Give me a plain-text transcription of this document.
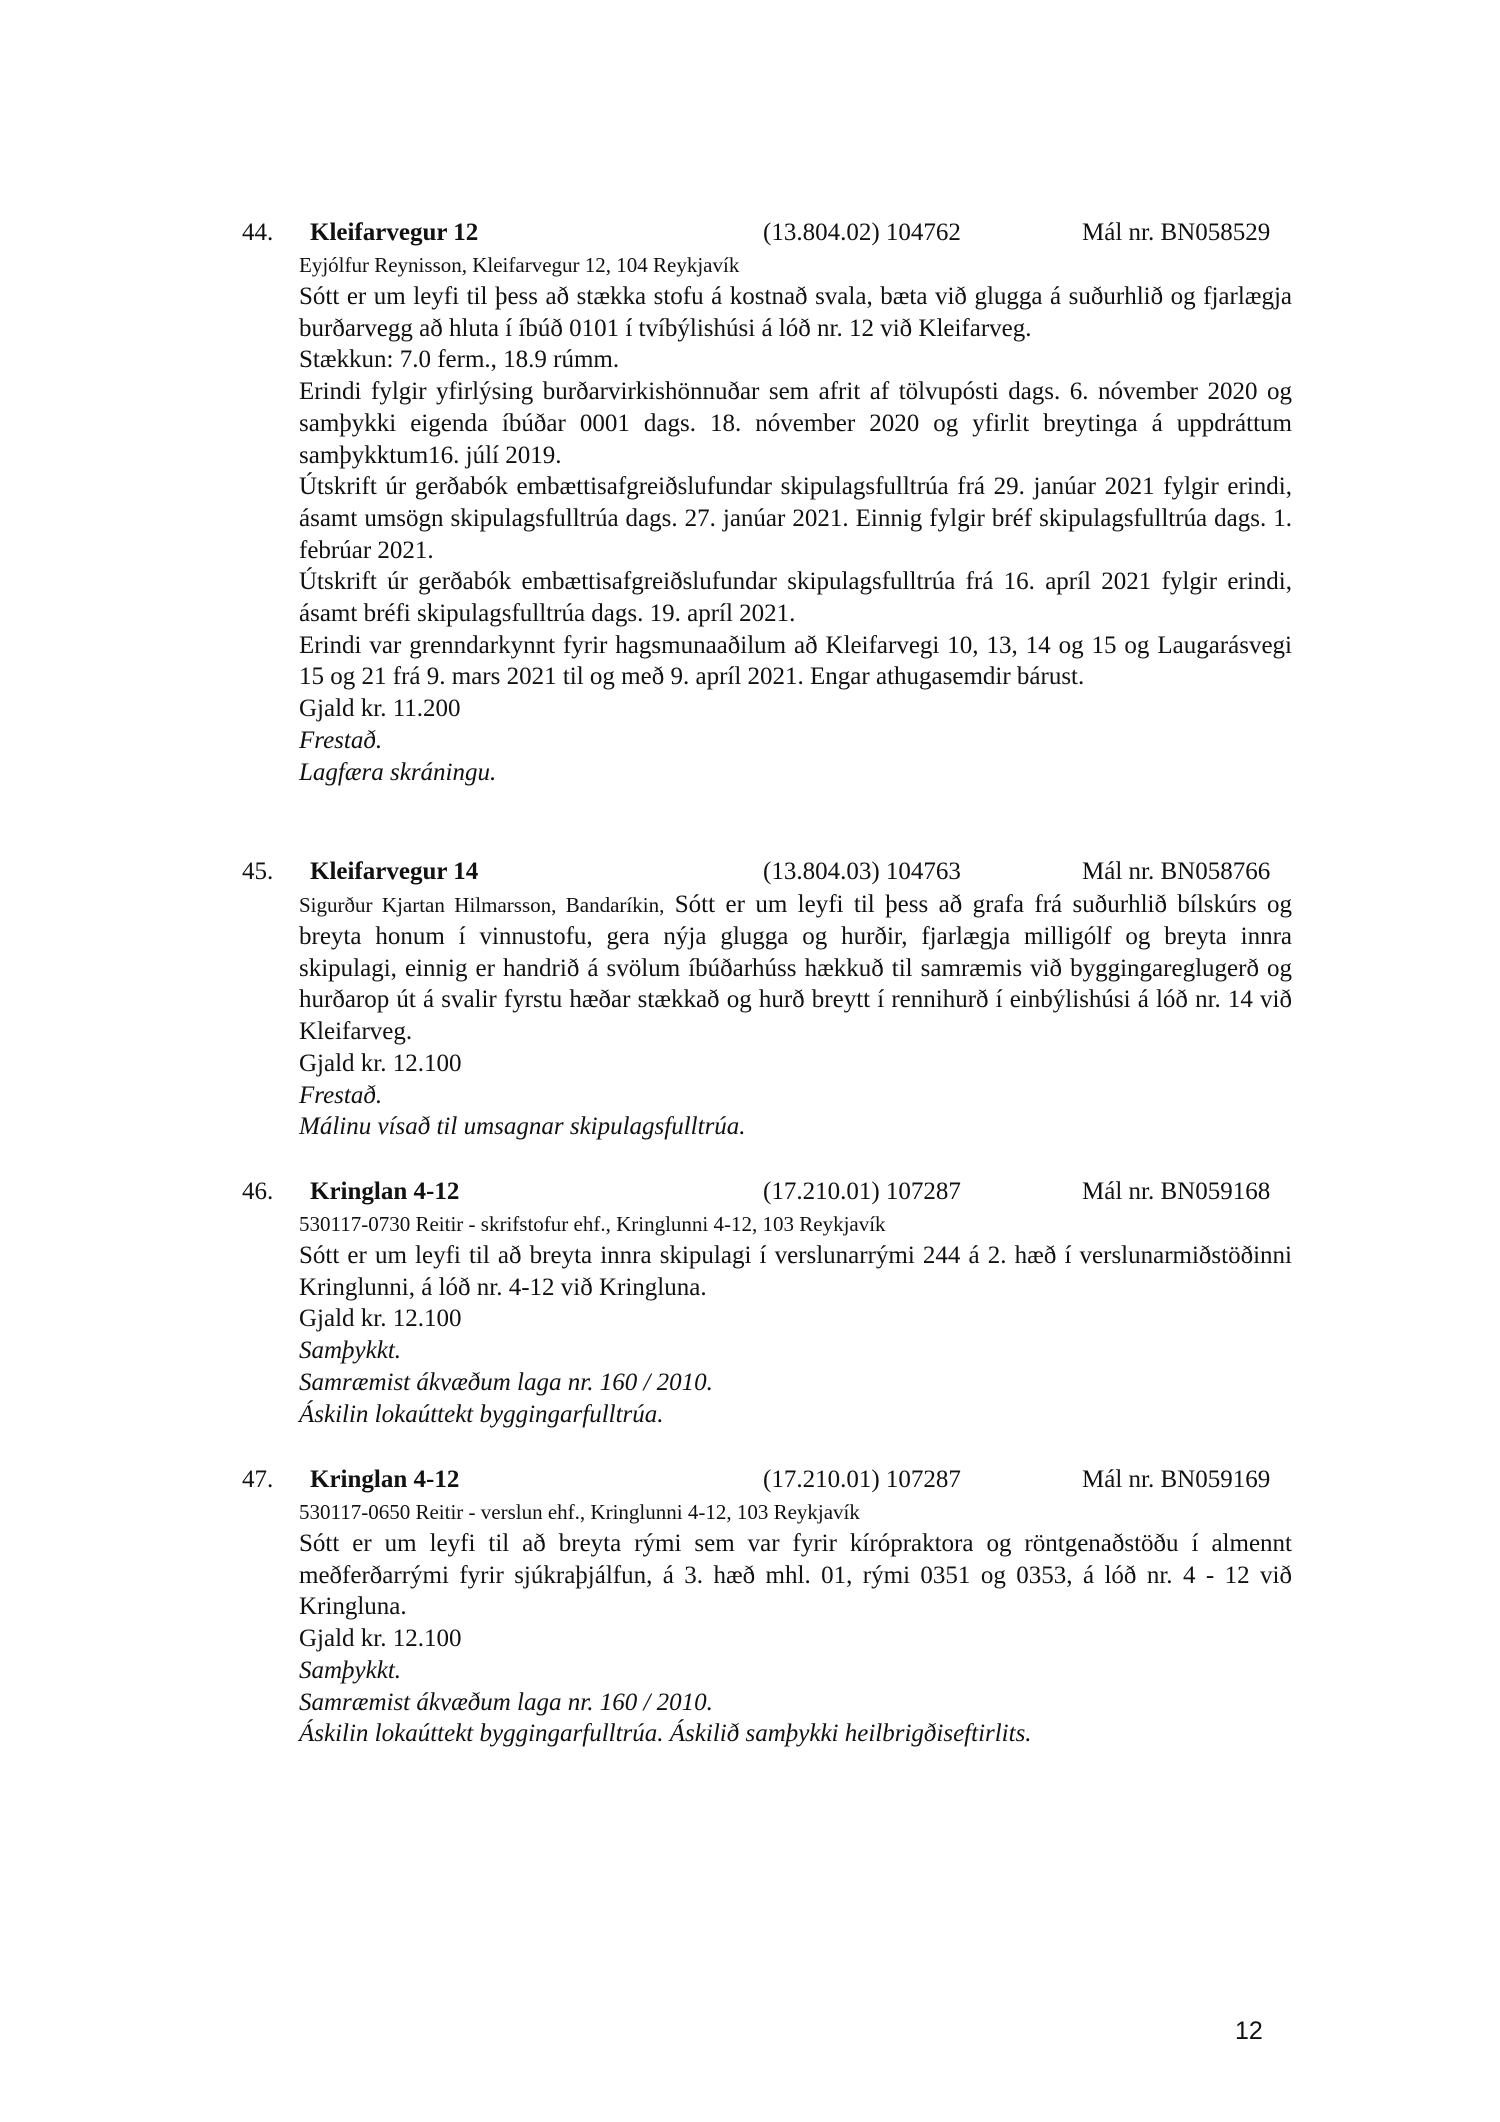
44. Kleifarvegur 12	(13.804.02) 104762	Mál nr. BN058529
Eyjólfur Reynisson, Kleifarvegur 12, 104 Reykjavík
Sótt er um leyfi til þess að stækka stofu á kostnað svala, bæta við glugga á suðurhlið og fjarlægja burðarvegg að hluta í íbúð 0101 í tvíbýlishúsi á lóð nr. 12 við Kleifarveg.
Stækkun: 7.0 ferm., 18.9 rúmm.
Erindi fylgir yfirlýsing burðarvirkishönnuðar sem afrit af tölvupósti dags. 6. nóvember 2020 og samþykki eigenda íbúðar 0001 dags. 18. nóvember 2020 og yfirlit breytinga á uppdráttum samþykktum16. júlí 2019.
Útskrift úr gerðabók embættisafgreiðslufundar skipulagsfulltrúa frá 29. janúar 2021 fylgir erindi, ásamt umsögn skipulagsfulltrúa dags. 27. janúar 2021. Einnig fylgir bréf skipulagsfulltrúa dags. 1. febrúar 2021.
Útskrift úr gerðabók embættisafgreiðslufundar skipulagsfulltrúa frá 16. apríl 2021 fylgir erindi, ásamt bréfi skipulagsfulltrúa dags. 19. apríl 2021.
Erindi var grenndarkynnt fyrir hagsmunaaðilum að Kleifarvegi 10, 13, 14 og 15 og Laugarásvegi 15 og 21 frá 9. mars 2021 til og með 9. apríl 2021. Engar athugasemdir bárust.
Gjald kr. 11.200
Frestað.
Lagfæra skráningu.
45. Kleifarvegur 14	(13.804.03) 104763	Mál nr. BN058766
Sigurður Kjartan Hilmarsson, Bandaríkin, Sótt er um leyfi til þess að grafa frá suðurhlið bílskúrs og breyta honum í vinnustofu, gera nýja glugga og hurðir, fjarlægja milligólf og breyta innra skipulagi, einnig er handrið á svölum íbúðarhúss hækkuð til samræmis við byggingareglugerð og hurðarop út á svalir fyrstu hæðar stækkað og hurð breytt í rennihurð í einbýlishúsi á lóð nr. 14 við Kleifarveg.
Gjald kr. 12.100
Frestað.
Málinu vísað til umsagnar skipulagsfulltrúa.
46. Kringlan 4-12	(17.210.01) 107287	Mál nr. BN059168
530117-0730 Reitir - skrifstofur ehf., Kringlunni 4-12, 103 Reykjavík
Sótt er um leyfi til að breyta innra skipulagi í verslunarrými 244 á 2. hæð í verslunarmiðstöðinni Kringlunni, á lóð nr. 4-12 við Kringluna.
Gjald kr. 12.100
Samþykkt.
Samræmist ákvæðum laga nr. 160 / 2010.
Áskilin lokaúttekt byggingarfulltrúa.
47. Kringlan 4-12	(17.210.01) 107287	Mál nr. BN059169
530117-0650 Reitir - verslun ehf., Kringlunni 4-12, 103 Reykjavík
Sótt er um leyfi til að breyta rými sem var fyrir kírópraktora og röntgenaðstöðu í almennt meðferðarrými fyrir sjúkraþjálfun, á 3. hæð mhl. 01, rými 0351 og 0353, á lóð nr. 4 - 12 við Kringluna.
Gjald kr. 12.100
Samþykkt.
Samræmist ákvæðum laga nr. 160 / 2010.
Áskilin lokaúttekt byggingarfulltrúa. Áskilið samþykki heilbrigðiseftirlits.
12
